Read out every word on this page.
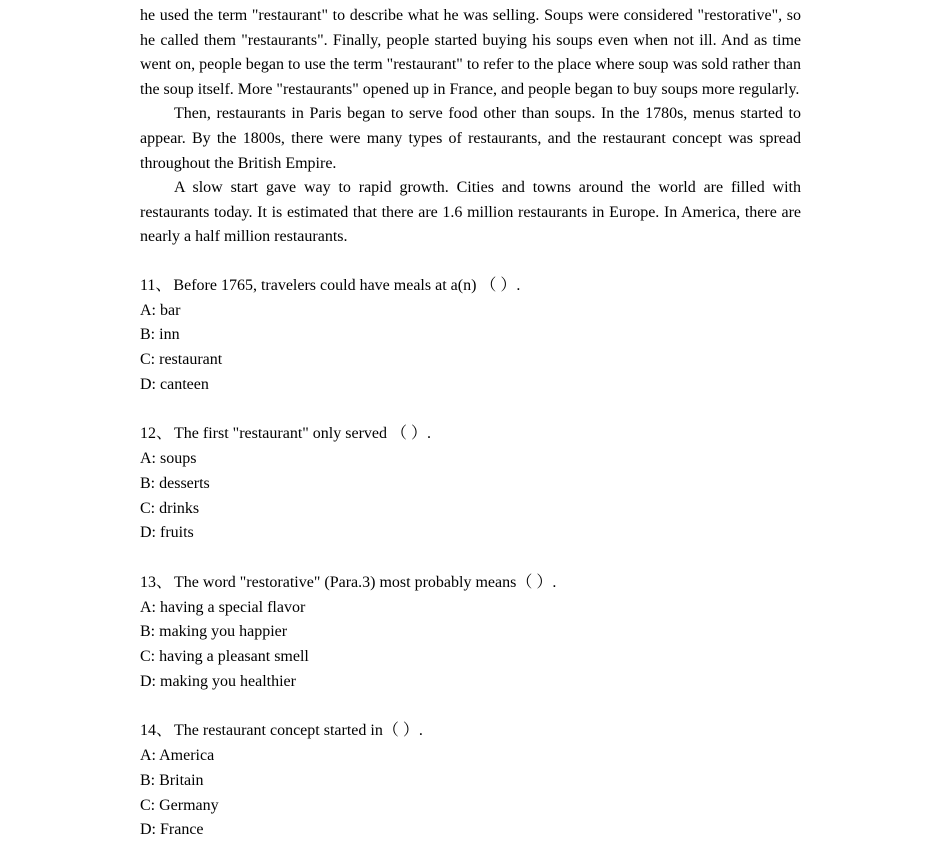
he used the term "restaurant" to describe what he was selling. Soups were considered "restorative", so he called them "restaurants". Finally, people started buying his soups even when not ill. And as time went on, people began to use the term "restaurant" to refer to the place where soup was sold rather than the soup itself. More "restaurants" opened up in France, and people began to buy soups more regularly.

Then, restaurants in Paris began to serve food other than soups. In the 1780s, menus started to appear. By the 1800s, there were many types of restaurants, and the restaurant concept was spread throughout the British Empire.

A slow start gave way to rapid growth. Cities and towns around the world are filled with restaurants today. It is estimated that there are 1.6 million restaurants in Europe. In America, there are nearly a half million restaurants.

11、 Before 1765, travelers could have meals at a(n) （ ）.
A: bar
B: inn
C: restaurant
D: canteen
12、 The first "restaurant" only served （ ）.
A: soups
B: desserts
C: drinks
D: fruits
13、 The word "restorative" (Para.3) most probably means（ ）.
A: having a special flavor
B: making you happier
C: having a pleasant smell
D: making you healthier
14、 The restaurant concept started in（ ）.
A: America
B: Britain
C: Germany
D: France
